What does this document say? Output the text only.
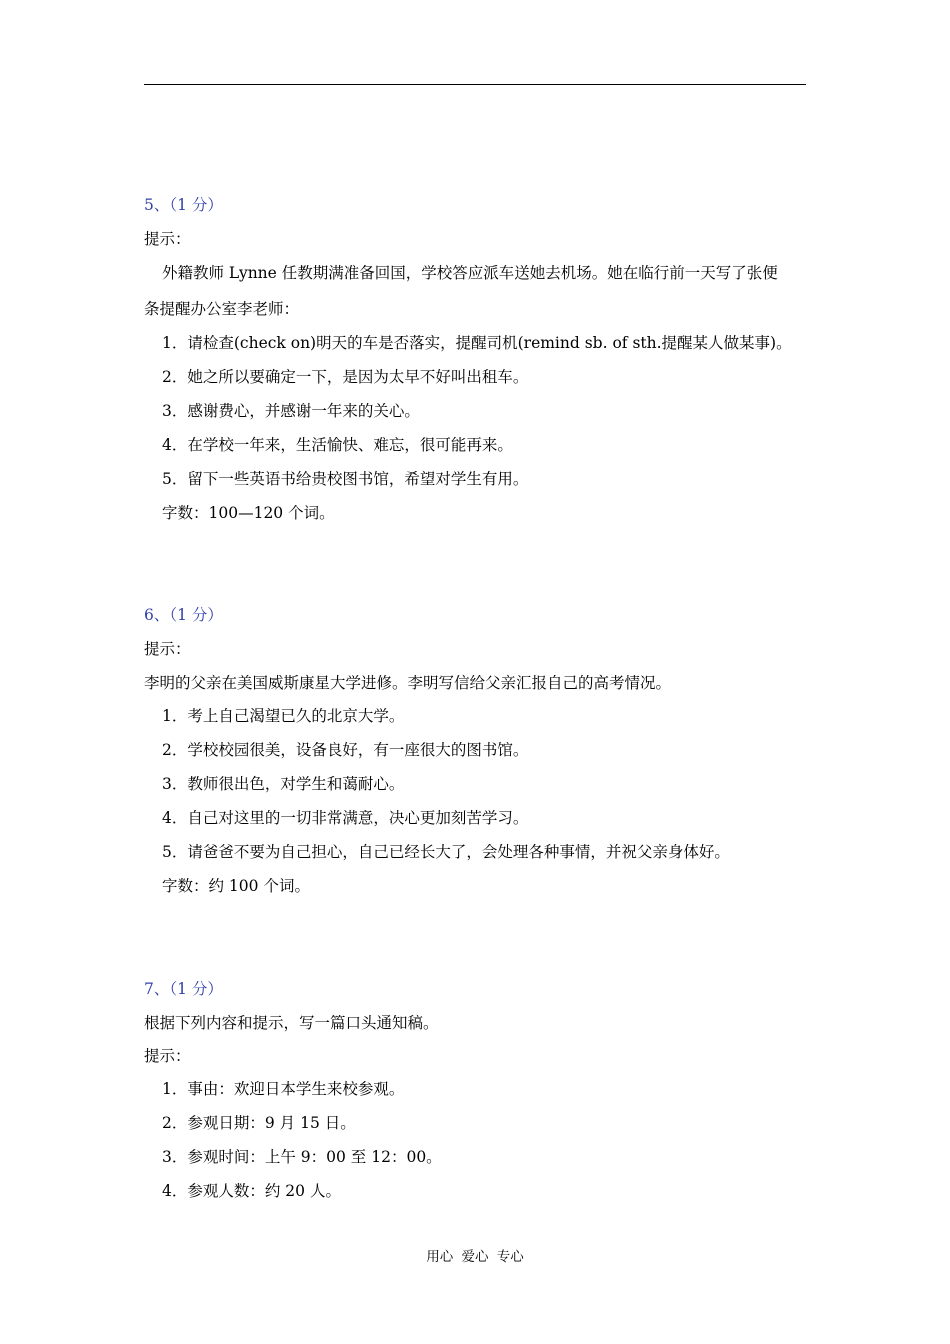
5、（1 分）
提示：
外籍教师 Lynne 任教期满准备回国，学校答应派车送她去机场。她在临行前一天写了张便
条提醒办公室李老师：
1．请检查(check on)明天的车是否落实，提醒司机(remind sb. of sth.提醒某人做某事)。
2．她之所以要确定一下，是因为太早不好叫出租车。
3．感谢费心，并感谢一年来的关心。
4．在学校一年来，生活愉快、难忘，很可能再来。
5．留下一些英语书给贵校图书馆，希望对学生有用。
字数：100—120 个词。
6、（1 分）
提示：
李明的父亲在美国威斯康星大学进修。李明写信给父亲汇报自己的高考情况。
1．考上自己渴望已久的北京大学。
2．学校校园很美，设备良好，有一座很大的图书馆。
3．教师很出色，对学生和蔼耐心。
4．自己对这里的一切非常满意，决心更加刻苦学习。
5．请爸爸不要为自己担心，自己已经长大了，会处理各种事情，并祝父亲身体好。
字数：约 100 个词。
7、（1 分）
根据下列内容和提示，写一篇口头通知稿。
提示：
1．事由：欢迎日本学生来校参观。
2．参观日期：9 月 15 日。
3．参观时间：上午 9：00 至 12：00。
4．参观人数：约 20 人。
用心 爱心 专心
